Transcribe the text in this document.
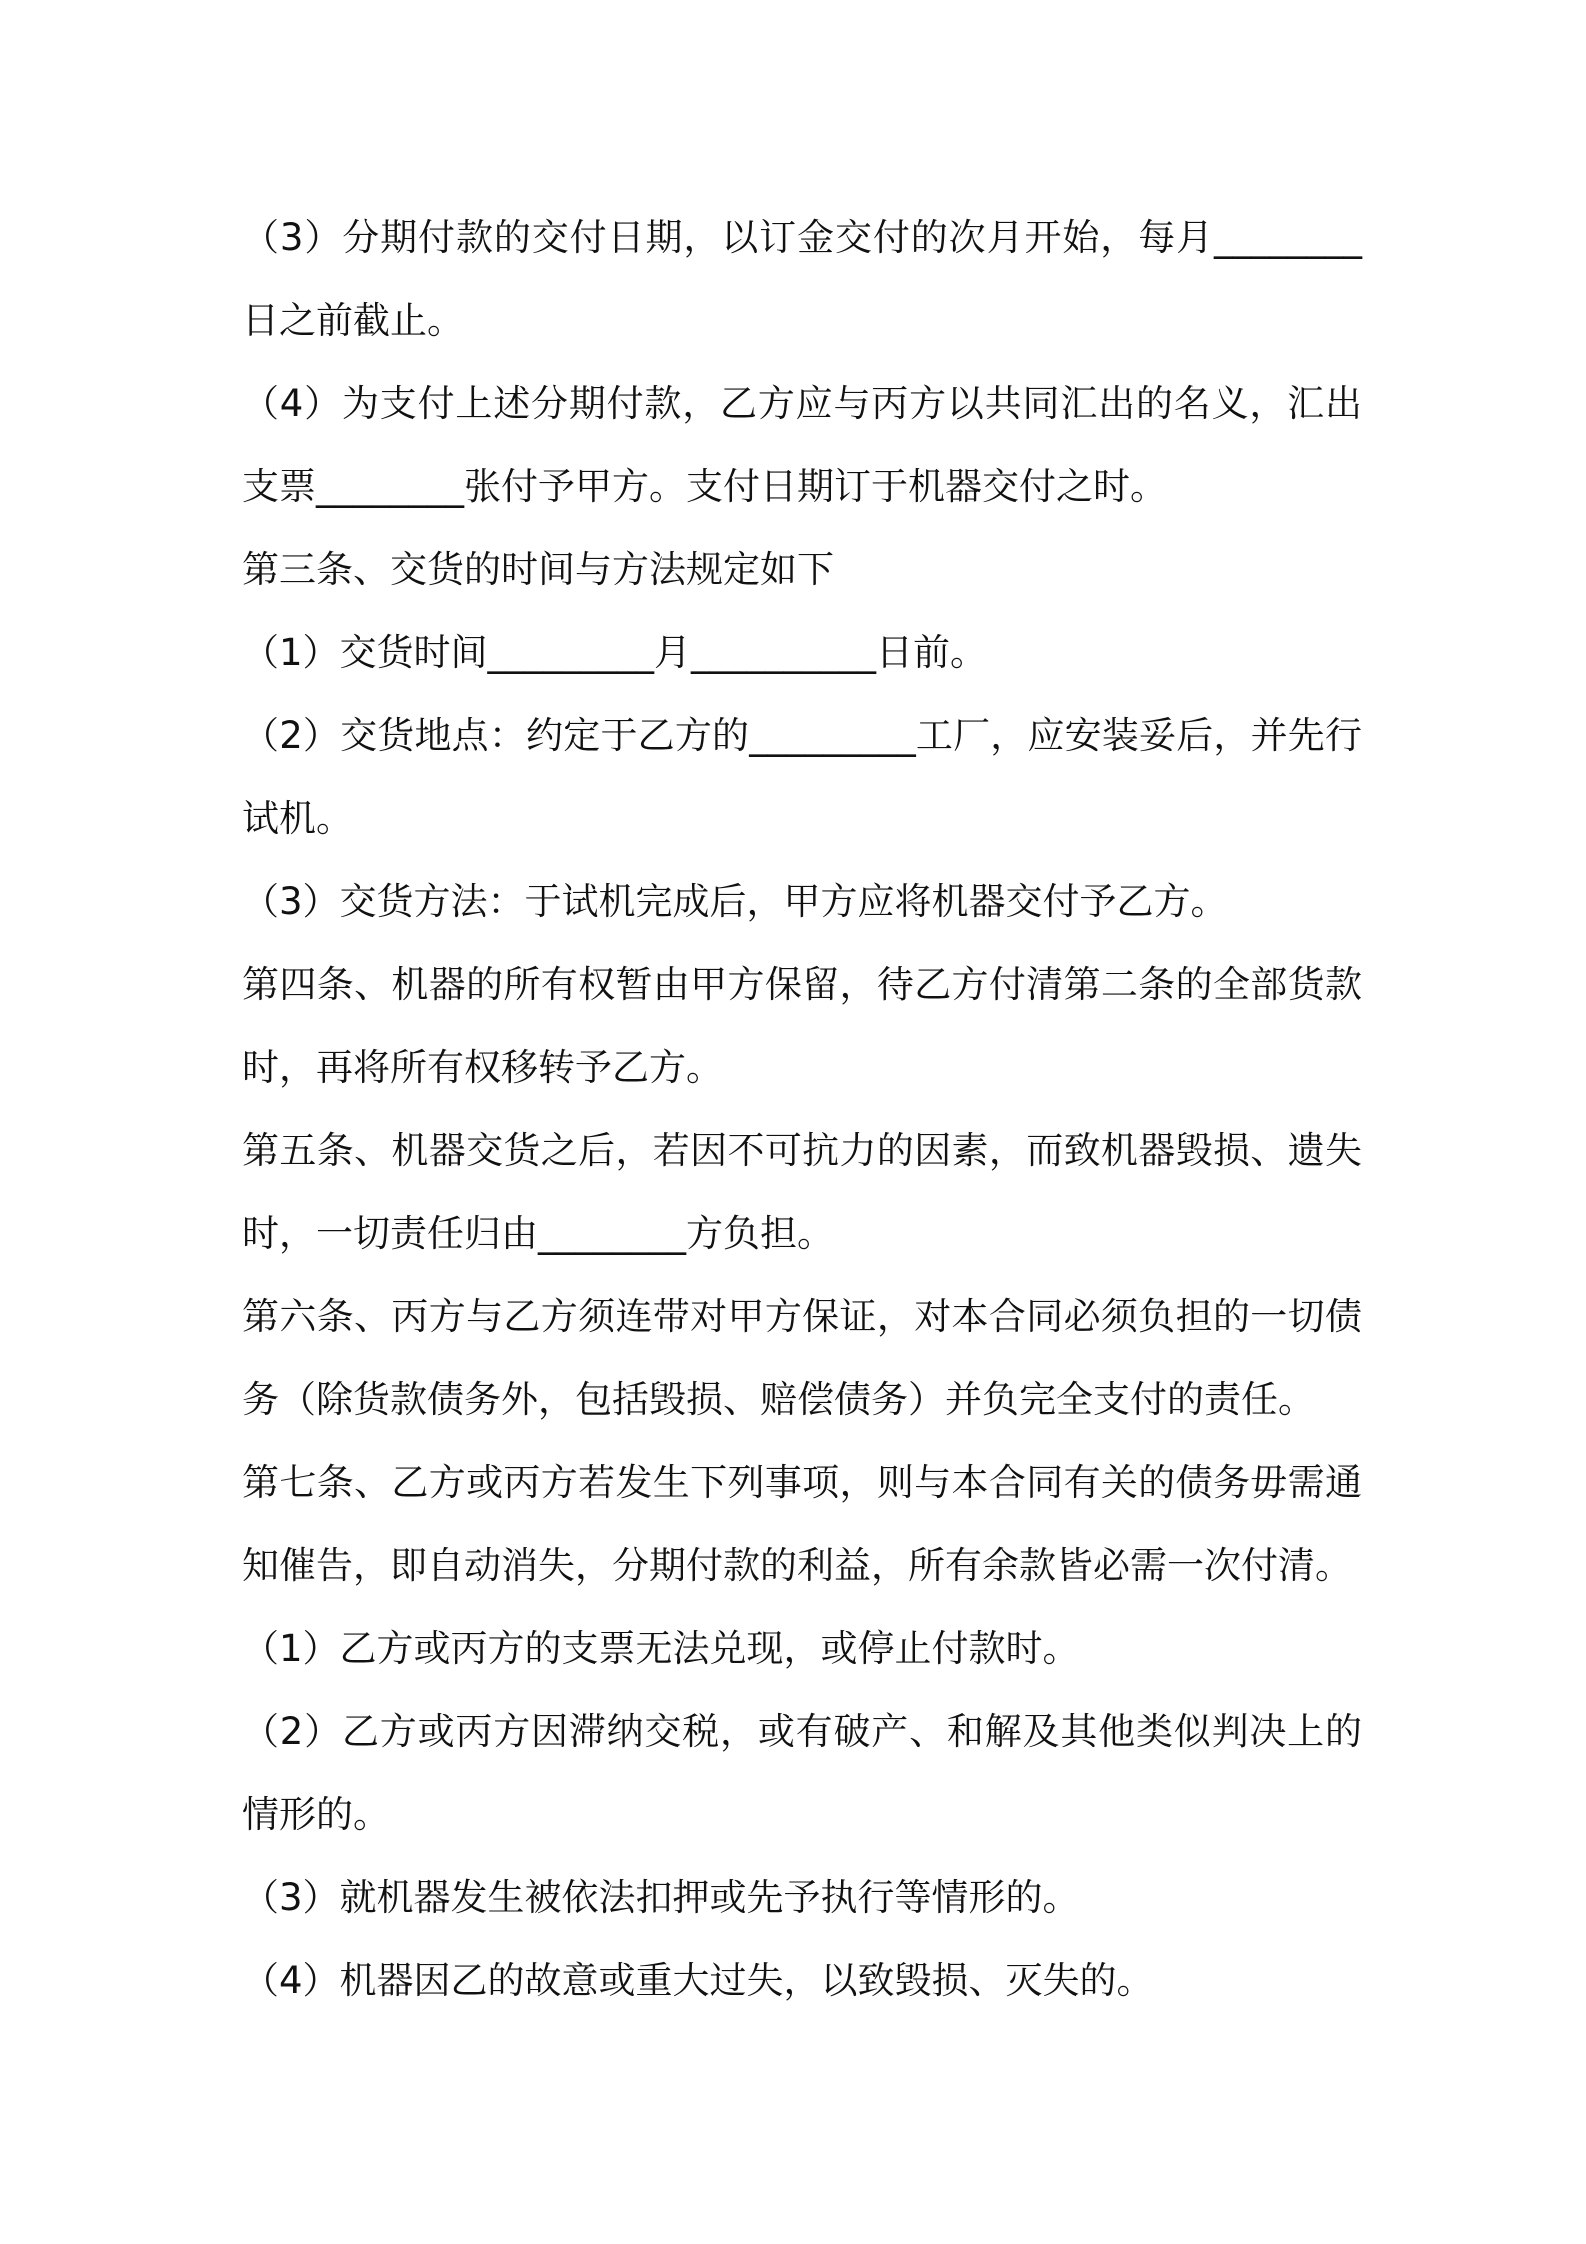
（3）分期付款的交付日期，以订金交付的次月开始，每月________日之前截止。

（4）为支付上述分期付款，乙方应与丙方以共同汇出的名义，汇出支票________张付予甲方。支付日期订于机器交付之时。

第三条、交货的时间与方法规定如下

（1）交货时间_________月__________日前。

（2）交货地点：约定于乙方的_________工厂，应安装妥后，并先行试机。

（3）交货方法：于试机完成后，甲方应将机器交付予乙方。

第四条、机器的所有权暂由甲方保留，待乙方付清第二条的全部货款时，再将所有权移转予乙方。

第五条、机器交货之后，若因不可抗力的因素，而致机器毁损、遗失时，一切责任归由________方负担。

第六条、丙方与乙方须连带对甲方保证，对本合同必须负担的一切债务（除货款债务外，包括毁损、赔偿债务）并负完全支付的责任。

第七条、乙方或丙方若发生下列事项，则与本合同有关的债务毋需通知催告，即自动消失，分期付款的利益，所有余款皆必需一次付清。

（1）乙方或丙方的支票无法兑现，或停止付款时。

（2）乙方或丙方因滞纳交税，或有破产、和解及其他类似判决上的情形的。

（3）就机器发生被依法扣押或先予执行等情形的。

（4）机器因乙的故意或重大过失，以致毁损、灭失的。
